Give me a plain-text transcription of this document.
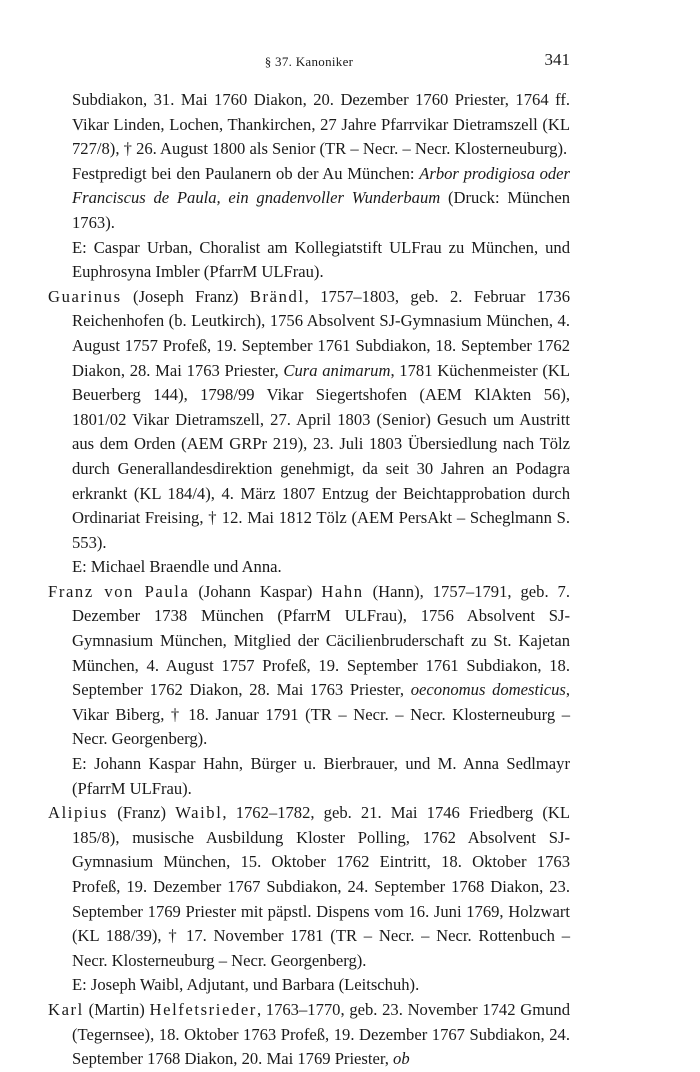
§ 37. Kanoniker	341

Subdiakon, 31. Mai 1760 Diakon, 20. Dezember 1760 Priester, 1764 ff. Vikar Linden, Lochen, Thankirchen, 27 Jahre Pfarrvikar Dietramszell (KL 727/8), † 26. August 1800 als Senior (TR – Necr. – Necr. Klosterneuburg).

Festpredigt bei den Paulanern ob der Au München: Arbor prodigiosa oder Franciscus de Paula, ein gnadenvoller Wunderbaum (Druck: München 1763).

E: Caspar Urban, Choralist am Kollegiatstift ULFrau zu München, und Euphrosyna Imbler (PfarrM ULFrau).

Guarinus (Joseph Franz) Brändl, 1757–1803, geb. 2. Februar 1736 Reichenhofen (b. Leutkirch), 1756 Absolvent SJ-Gymnasium München, 4. August 1757 Profeß, 19. September 1761 Subdiakon, 18. September 1762 Diakon, 28. Mai 1763 Priester, Cura animarum, 1781 Küchenmeister (KL Beuerberg 144), 1798/99 Vikar Siegertshofen (AEM KlAkten 56), 1801/02 Vikar Dietramszell, 27. April 1803 (Senior) Gesuch um Austritt aus dem Orden (AEM GRPr 219), 23. Juli 1803 Übersiedlung nach Tölz durch Generallandesdirektion genehmigt, da seit 30 Jahren an Podagra erkrankt (KL 184/4), 4. März 1807 Entzug der Beichtapprobation durch Ordinariat Freising, † 12. Mai 1812 Tölz (AEM PersAkt – Scheglmann S. 553).

E: Michael Braendle und Anna.

Franz von Paula (Johann Kaspar) Hahn (Hann), 1757–1791, geb. 7. Dezember 1738 München (PfarrM ULFrau), 1756 Absolvent SJ-Gymnasium München, Mitglied der Cäcilienbruderschaft zu St. Kajetan München, 4. August 1757 Profeß, 19. September 1761 Subdiakon, 18. September 1762 Diakon, 28. Mai 1763 Priester, oeconomus domesticus, Vikar Biberg, † 18. Januar 1791 (TR – Necr. – Necr. Klosterneuburg – Necr. Georgenberg).

E: Johann Kaspar Hahn, Bürger u. Bierbrauer, und M. Anna Sedlmayr (PfarrM ULFrau).

Alipius (Franz) Waibl, 1762–1782, geb. 21. Mai 1746 Friedberg (KL 185/8), musische Ausbildung Kloster Polling, 1762 Absolvent SJ-Gymnasium München, 15. Oktober 1762 Eintritt, 18. Oktober 1763 Profeß, 19. Dezember 1767 Subdiakon, 24. September 1768 Diakon, 23. September 1769 Priester mit päpstl. Dispens vom 16. Juni 1769, Holzwart (KL 188/39), † 17. November 1781 (TR – Necr. – Necr. Rottenbuch – Necr. Klosterneuburg – Necr. Georgenberg).

E: Joseph Waibl, Adjutant, und Barbara (Leitschuh).

Karl (Martin) Helfetsrieder, 1763–1770, geb. 23. November 1742 Gmund (Tegernsee), 18. Oktober 1763 Profeß, 19. Dezember 1767 Subdiakon, 24. September 1768 Diakon, 20. Mai 1769 Priester, ob
